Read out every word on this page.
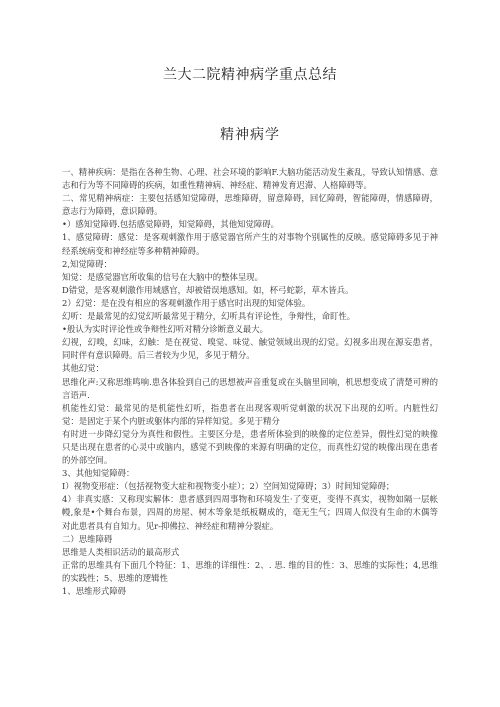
兰大二院精神病学重点总结
精神病学

一、精神疾病：是指在各种生物、心理、社会环境的影响F.大脑功能活动发生紊乱，导致认知情感、意志和行为等不同障碍的疾病，如重性精神病、神经症、精神发育迟滞、人格障碍等。

二、常见精神病症：主要包括感知觉障碍，思维障碍，留意障碍，回忆障碍，智能障碍，情感障碍，意志行为障碍，意识障碍。

•）感知觉障碍.包括感觉障碍，知觉障碍，其他知觉障碍。

1、感觉障碍：感觉：是客观刺激作用于感觉器官所产生的对事物个别属性的反映。感觉障碍多见于神经系统病变和神经症等多种精神障碍。

2,知觉障碍：

知觉：是感觉器官所收集的信号在大脑中的整体呈现。

D错觉，是客观刺激作用域感官，却被错误地感知。如，杯弓蛇影，草木皆兵。

2）幻觉：是在没有相应的客观刺激作用于感官时出现的知觉体验。

幻听：是最常见的幻觉幻听最常见于精分，幻听具有评论性，争辩性，命盯性。

•般认为实时评论性或争辩性幻听对精分诊断意义最大。

幻视，幻嗅，幻味，幻触：是在视觉、嗅觉、味觉、触觉领域出现的幻觉。幻视多出现在源妄患者，同时伴有意识障碍。后三者较为少见，多见于精分。

其他幻觉：

思维化声:又称思维鸣响.患各体验到自己的思想被声音重复或在头脑里回响，机思想变成了清楚可辨的言语声.

机能性幻觉：最常见的是机能性幻听，指患者在出现客观听觉刺激的状况下出现的幻听。内脏性幻觉：是固定于某个内脏或躯体内部的异样知觉。多见于精分

有时进一步降幻觉分为真性和假性。主要区分是，患者所体验到的映像的定位差异，假性幻觉的映像只是出现在患者的心灵中或脑内，感觉不到映像的来源有明确的定位，而真性幻觉的映像出现在患者的外部空间。

3、其他知觉障碍：

I）视物变形症：（包括视物变大症和视物变小症）；2）空间知觉障碍；3）时间知觉障碍；

4）非真实感：又称现实解体：患者感到四周事物和环境发生·了变更，变得不真实，视物如隔一层帐幔,象是•个舞台布景，四周的房屋、树木等象是纸板糊成的，毫无生气；四周人似没有生命的木偶等对此患者具有自知力。见r-抑佛拉、神经症和精神分裂症。

二）思维障碍

思维是人类相识活动的最高形式

正常的思维具有下面几个特征：1、思维的详细性：2、. 思. 维的目的性：3、思维的实际性；4,思维的实践性；5、思维的逻辑性

1、思维形式障碍
